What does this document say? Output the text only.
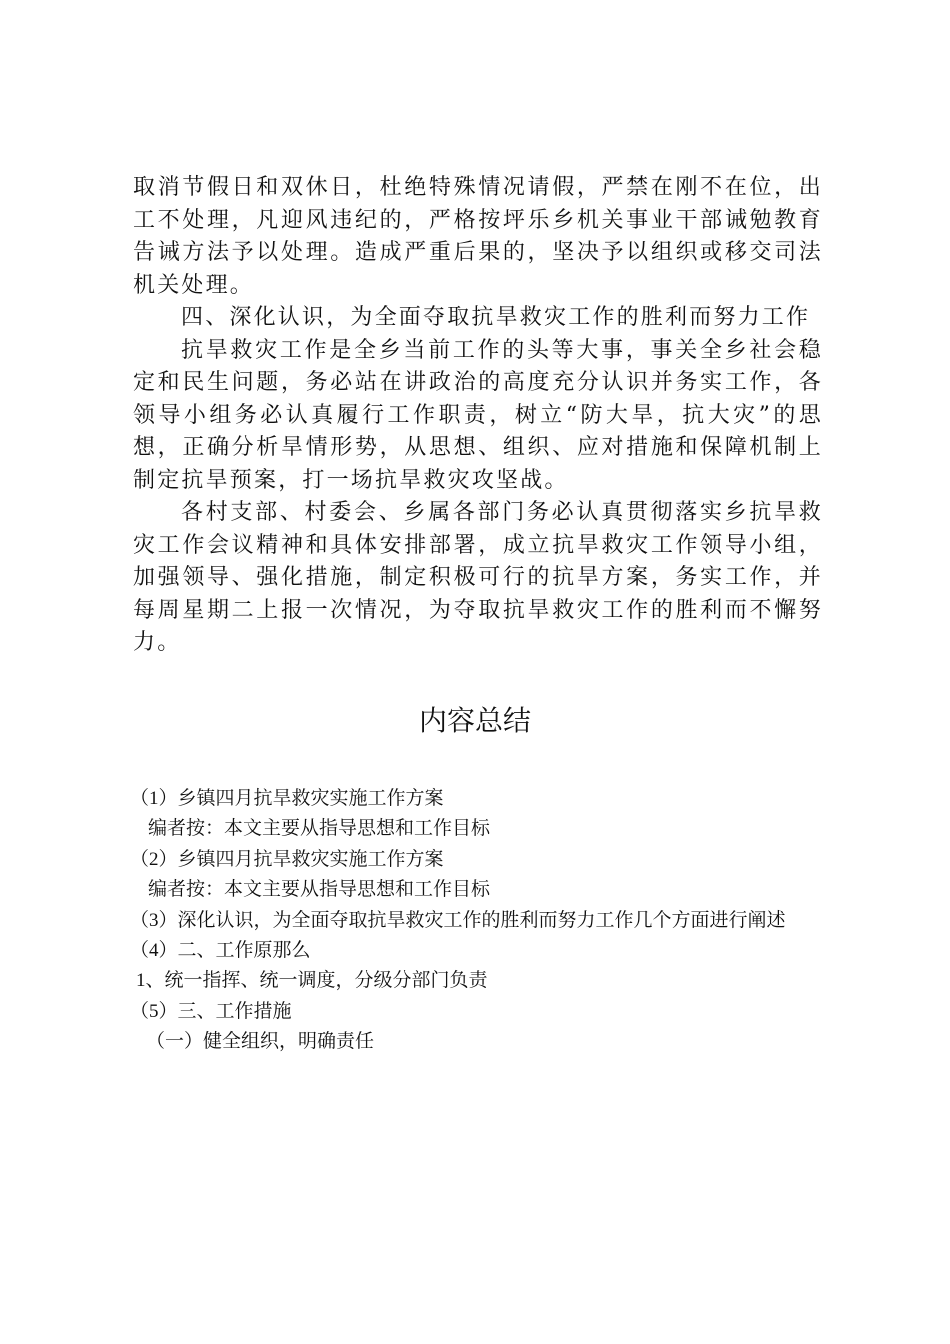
取消节假日和双休日，杜绝特殊情况请假，严禁在刚不在位，出工不处理，凡迎风违纪的，严格按坪乐乡机关事业干部诫勉教育告诫方法予以处理。造成严重后果的，坚决予以组织或移交司法机关处理。

四、深化认识，为全面夺取抗旱救灾工作的胜利而努力工作

抗旱救灾工作是全乡当前工作的头等大事，事关全乡社会稳定和民生问题，务必站在讲政治的高度充分认识并务实工作，各领导小组务必认真履行工作职责，树立“防大旱，抗大灾”的思想，正确分析旱情形势，从思想、组织、应对措施和保障机制上制定抗旱预案，打一场抗旱救灾攻坚战。

各村支部、村委会、乡属各部门务必认真贯彻落实乡抗旱救灾工作会议精神和具体安排部署，成立抗旱救灾工作领导小组，加强领导、强化措施，制定积极可行的抗旱方案，务实工作，并每周星期二上报一次情况，为夺取抗旱救灾工作的胜利而不懈努力。

内容总结
（1）乡镇四月抗旱救灾实施工作方案
编者按：本文主要从指导思想和工作目标
（2）乡镇四月抗旱救灾实施工作方案
编者按：本文主要从指导思想和工作目标
（3）深化认识，为全面夺取抗旱救灾工作的胜利而努力工作几个方面进行阐述
（4）二、工作原那么
1、统一指挥、统一调度，分级分部门负责
（5）三、工作措施
（一）健全组织，明确责任
